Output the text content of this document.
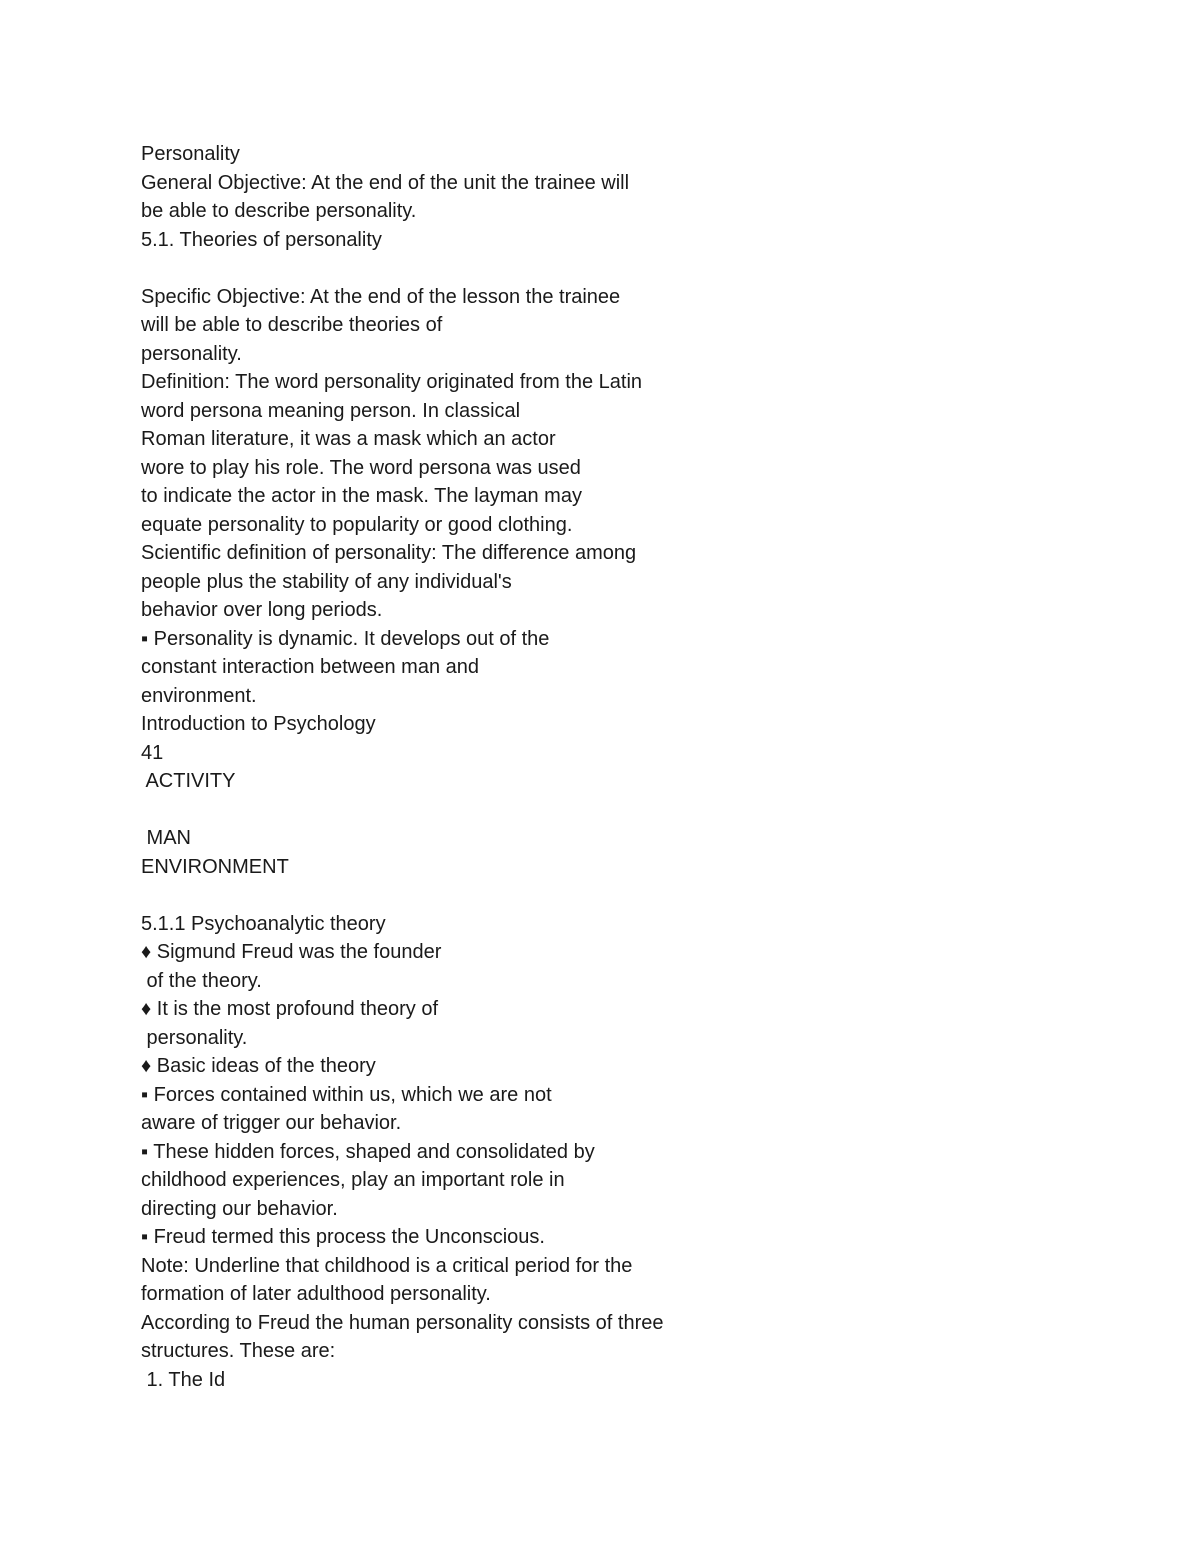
Personality
General Objective: At the end of the unit the trainee will
be able to describe personality.
5.1. Theories of personality
Specific Objective: At the end of the lesson the trainee
will be able to describe theories of
personality.
Definition: The word personality originated from the Latin
word persona meaning person. In classical
Roman literature, it was a mask which an actor
wore to play his role. The word persona was used
to indicate the actor in the mask. The layman may
equate personality to popularity or good clothing.
Scientific definition of personality: The difference among
people plus the stability of any individual's
behavior over long periods.
▪ Personality is dynamic. It develops out of the
constant interaction between man and
environment.
Introduction to Psychology
41
ACTIVITY
MAN
ENVIRONMENT
5.1.1 Psychoanalytic theory
♦ Sigmund Freud was the founder
of the theory.
♦ It is the most profound theory of
personality.
♦ Basic ideas of the theory
▪ Forces contained within us, which we are not
aware of trigger our behavior.
▪ These hidden forces, shaped and consolidated by
childhood experiences, play an important role in
directing our behavior.
▪ Freud termed this process the Unconscious.
Note: Underline that childhood is a critical period for the
formation of later adulthood personality.
According to Freud the human personality consists of three
structures. These are:
1. The Id
